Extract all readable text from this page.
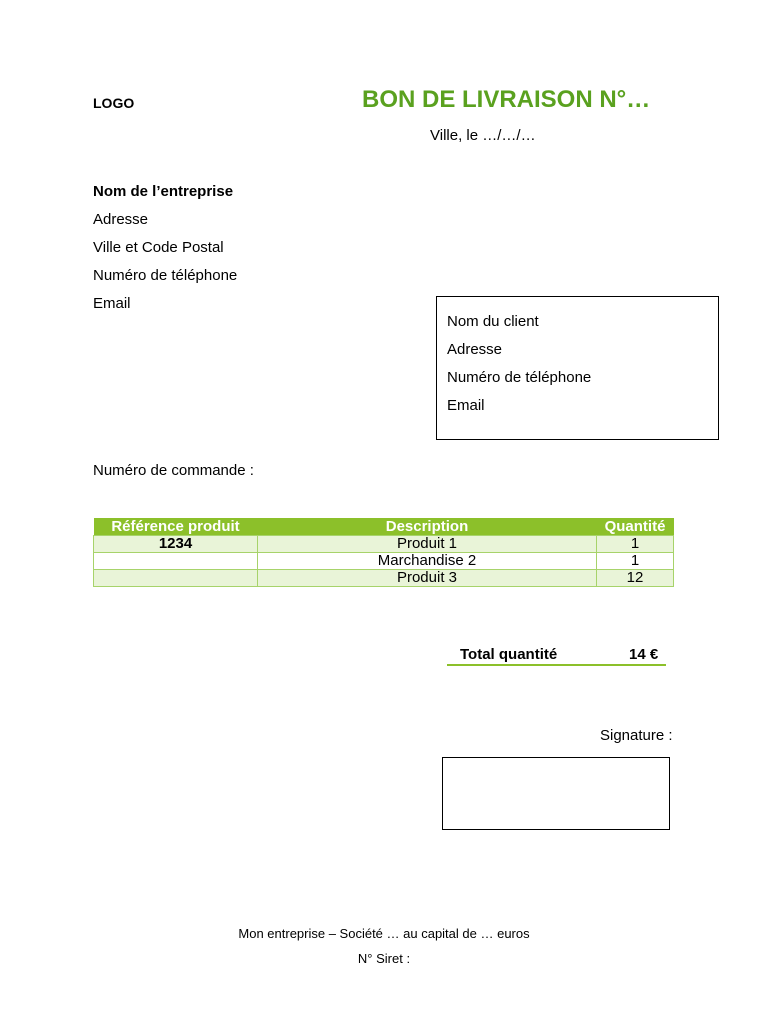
LOGO	BON DE LIVRAISON N°…
Ville, le …/…/…
Nom de l’entreprise
Adresse
Ville et Code Postal
Numéro de téléphone
Email
Nom du client
Adresse
Numéro de téléphone
Email
Numéro de commande :
Référence produit	Description	Quantité
1234	Produit 1	1
	Marchandise 2	1
	Produit 3	12
Total quantité	14 €
Signature :
Mon entreprise – Société … au capital de … euros
N° Siret :
